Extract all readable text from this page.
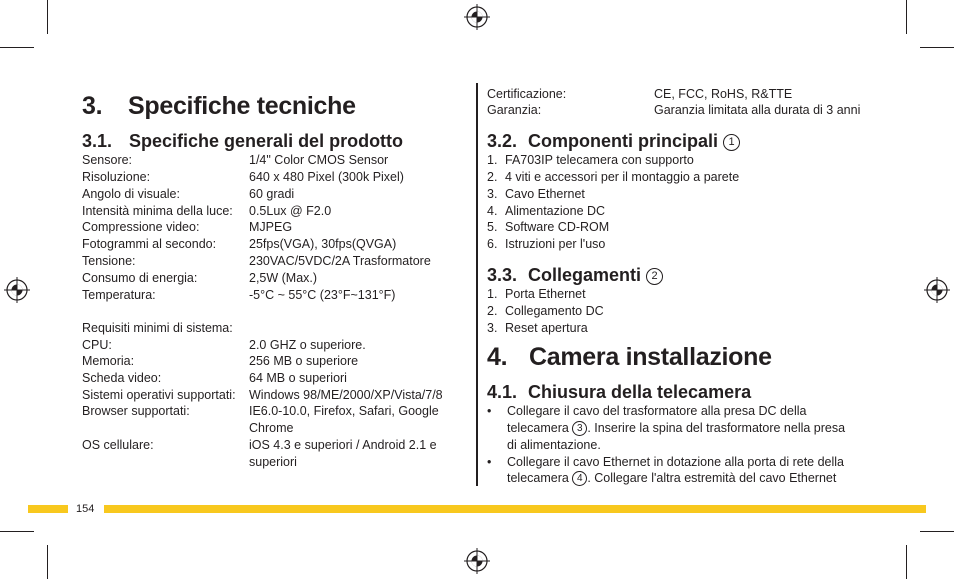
3. Specifiche tecniche
3.1. Specifiche generali del prodotto
Sensore:	1/4" Color CMOS Sensor
Risoluzione:	640 x 480 Pixel (300k Pixel)
Angolo di visuale:	60 gradi
Intensità minima della luce: 0.5Lux @ F2.0
Compressione video:	MJPEG
Fotogrammi al secondo:	25fps(VGA), 30fps(QVGA)
Tensione:	230VAC/5VDC/2A Trasformatore
Consumo di energia:	2,5W (Max.)
Temperatura:	-5°C ~ 55°C (23°F~131°F)
Requisiti minimi di sistema:
CPU:	2.0 GHZ o superiore.
Memoria:	256 MB o superiore
Scheda video:	64 MB o superiori
Sistemi operativi supportati: Windows 98/ME/2000/XP/Vista/7/8
Browser supportati:	IE6.0-10.0, Firefox, Safari, Google
Chrome
OS cellulare:	iOS 4.3 e superiori / Android 2.1 e
superiori
Certificazione:	CE, FCC, RoHS, R&TTE
Garanzia:	Garanzia limitata alla durata di 3 anni
3.2. Componenti principali 1
1. FA703IP telecamera con supporto
2. 4 viti e accessori per il montaggio a parete
3. Cavo Ethernet
4. Alimentazione DC
5. Software CD-ROM
6. Istruzioni per l'uso
3.3. Collegamenti 2
1. Porta Ethernet
2. Collegamento DC
3. Reset apertura
4. Camera installazione
4.1. Chiusura della telecamera
• Collegare il cavo del trasformatore alla presa DC della
telecamera 3 . Inserire la spina del trasformatore nella presa
di alimentazione.
• Collegare il cavo Ethernet in dotazione alla porta di rete della
telecamera 4 . Collegare l'altra estremità del cavo Ethernet
154
